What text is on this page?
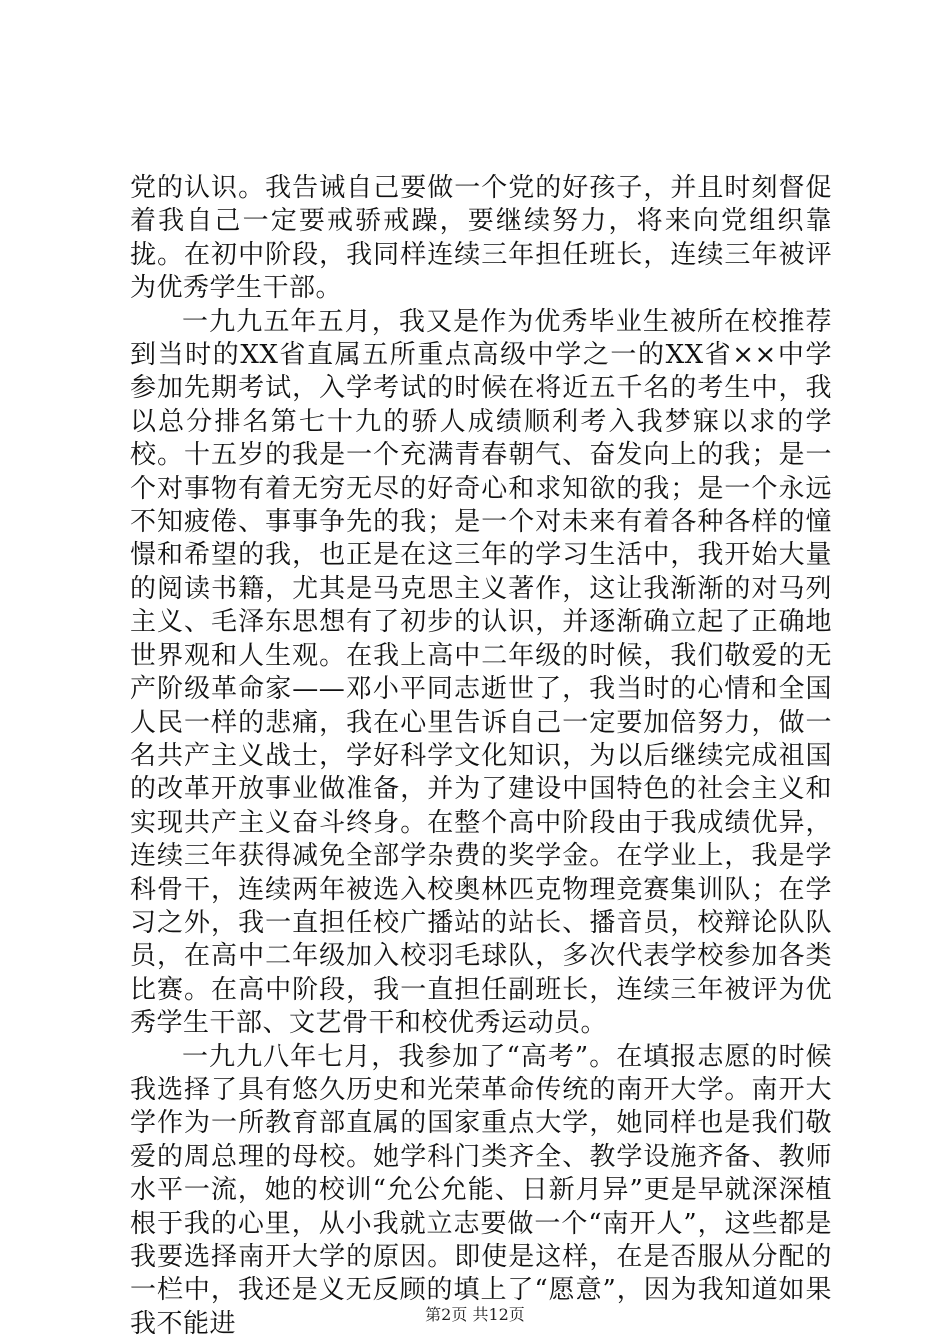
党的认识。我告诫自己要做一个党的好孩子，并且时刻督促着我自己一定要戒骄戒躁，要继续努力，将来向党组织靠拢。在初中阶段，我同样连续三年担任班长，连续三年被评为优秀学生干部。

一九九五年五月，我又是作为优秀毕业生被所在校推荐到当时的XX省直属五所重点高级中学之一的XX省××中学参加先期考试，入学考试的时候在将近五千名的考生中，我以总分排名第七十九的骄人成绩顺利考入我梦寐以求的学校。十五岁的我是一个充满青春朝气、奋发向上的我；是一个对事物有着无穷无尽的好奇心和求知欲的我；是一个永远不知疲倦、事事争先的我；是一个对未来有着各种各样的憧憬和希望的我，也正是在这三年的学习生活中，我开始大量的阅读书籍，尤其是马克思主义著作，这让我渐渐的对马列主义、毛泽东思想有了初步的认识，并逐渐确立起了正确地世界观和人生观。在我上高中二年级的时候，我们敬爱的无产阶级革命家——邓小平同志逝世了，我当时的心情和全国人民一样的悲痛，我在心里告诉自己一定要加倍努力，做一名共产主义战士，学好科学文化知识，为以后继续完成祖国的改革开放事业做准备，并为了建设中国特色的社会主义和实现共产主义奋斗终身。在整个高中阶段由于我成绩优异，连续三年获得减免全部学杂费的奖学金。在学业上，我是学科骨干，连续两年被选入校奥林匹克物理竞赛集训队；在学习之外，我一直担任校广播站的站长、播音员，校辩论队队员，在高中二年级加入校羽毛球队，多次代表学校参加各类比赛。在高中阶段，我一直担任副班长，连续三年被评为优秀学生干部、文艺骨干和校优秀运动员。

一九九八年七月，我参加了“高考”。在填报志愿的时候我选择了具有悠久历史和光荣革命传统的南开大学。南开大学作为一所教育部直属的国家重点大学，她同样也是我们敬爱的周总理的母校。她学科门类齐全、教学设施齐备、教师水平一流，她的校训“允公允能、日新月异”更是早就深深植根于我的心里，从小我就立志要做一个“南开人”，这些都是我要选择南开大学的原因。即使是这样，在是否服从分配的一栏中，我还是义无反顾的填上了“愿意”，因为我知道如果我不能进	第2页 共12页
